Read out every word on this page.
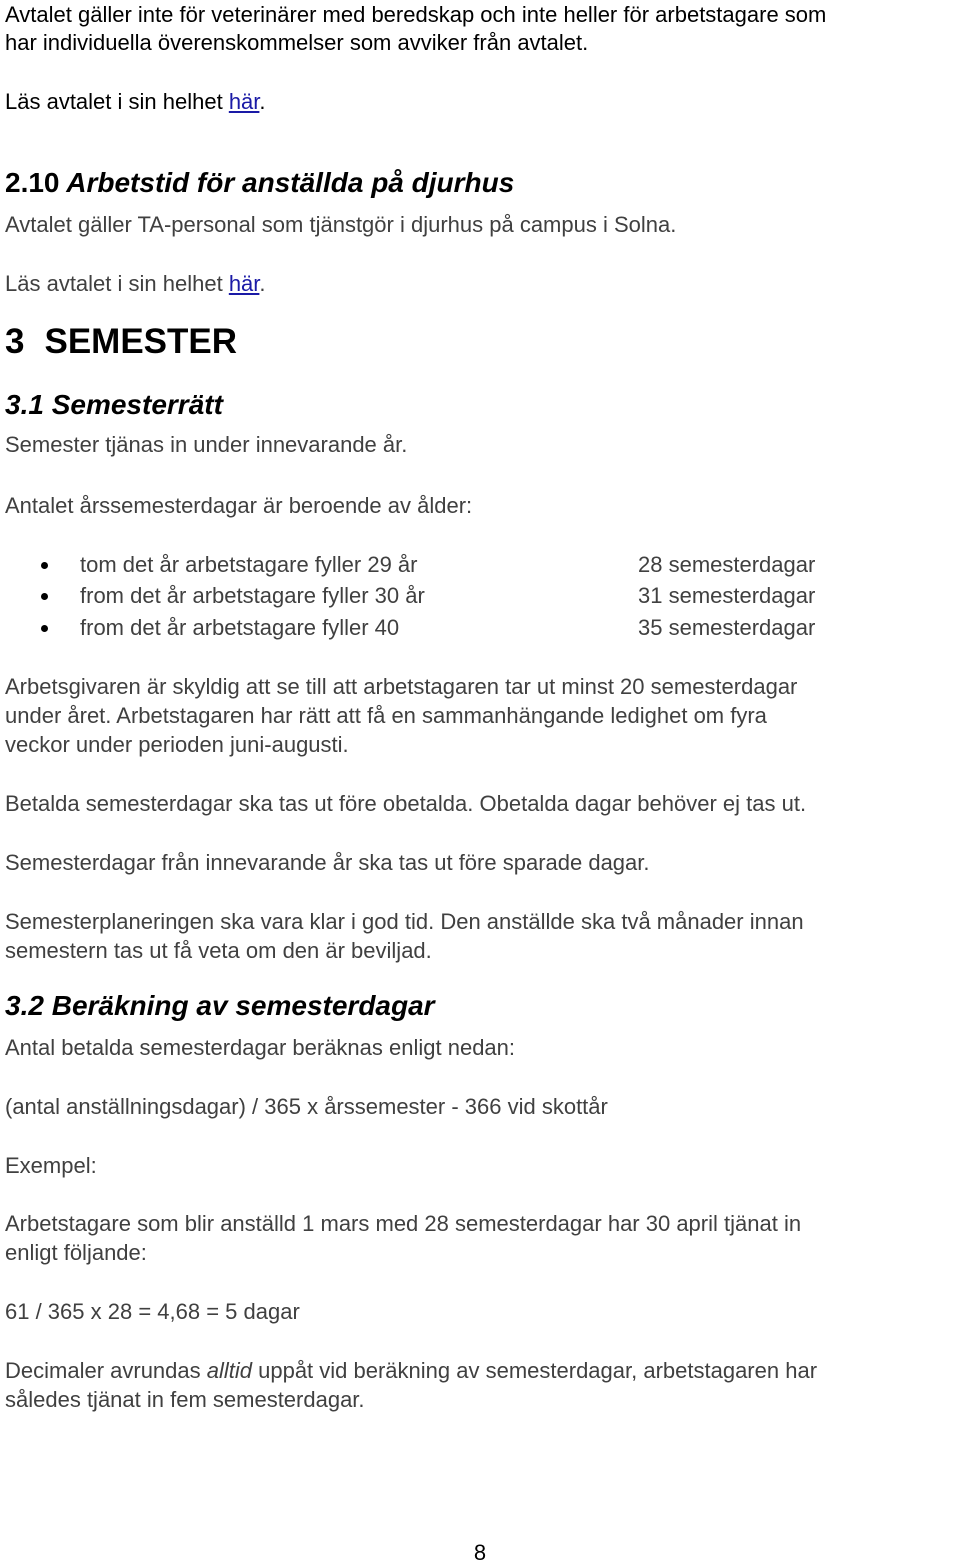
Avtalet gäller inte för veterinärer med beredskap och inte heller för arbetstagare som
har individuella överenskommelser som avviker från avtalet.
Läs avtalet i sin helhet här.
2.10 Arbetstid för anställda på djurhus
Avtalet gäller TA-personal som tjänstgör i djurhus på campus i Solna.
Läs avtalet i sin helhet här.
3 SEMESTER
3.1 Semesterrätt
Semester tjänas in under innevarande år.
Antalet årssemesterdagar är beroende av ålder:
tom det år arbetstagare fyller 29 år	28 semesterdagar
from det år arbetstagare fyller 30 år	31 semesterdagar
from det år arbetstagare fyller 40	35 semesterdagar
Arbetsgivaren är skyldig att se till att arbetstagaren tar ut minst 20 semesterdagar
under året. Arbetstagaren har rätt att få en sammanhängande ledighet om fyra
veckor under perioden juni-augusti.
Betalda semesterdagar ska tas ut före obetalda. Obetalda dagar behöver ej tas ut.
Semesterdagar från innevarande år ska tas ut före sparade dagar.
Semesterplaneringen ska vara klar i god tid. Den anställde ska två månader innan
semestern tas ut få veta om den är beviljad.
3.2 Beräkning av semesterdagar
Antal betalda semesterdagar beräknas enligt nedan:
(antal anställningsdagar) / 365 x årssemester - 366 vid skottår
Exempel:
Arbetstagare som blir anställd 1 mars med 28 semesterdagar har 30 april tjänat in
enligt följande:
61 / 365 x 28 = 4,68 = 5 dagar
Decimaler avrundas alltid uppåt vid beräkning av semesterdagar, arbetstagaren har
således tjänat in fem semesterdagar.
8
